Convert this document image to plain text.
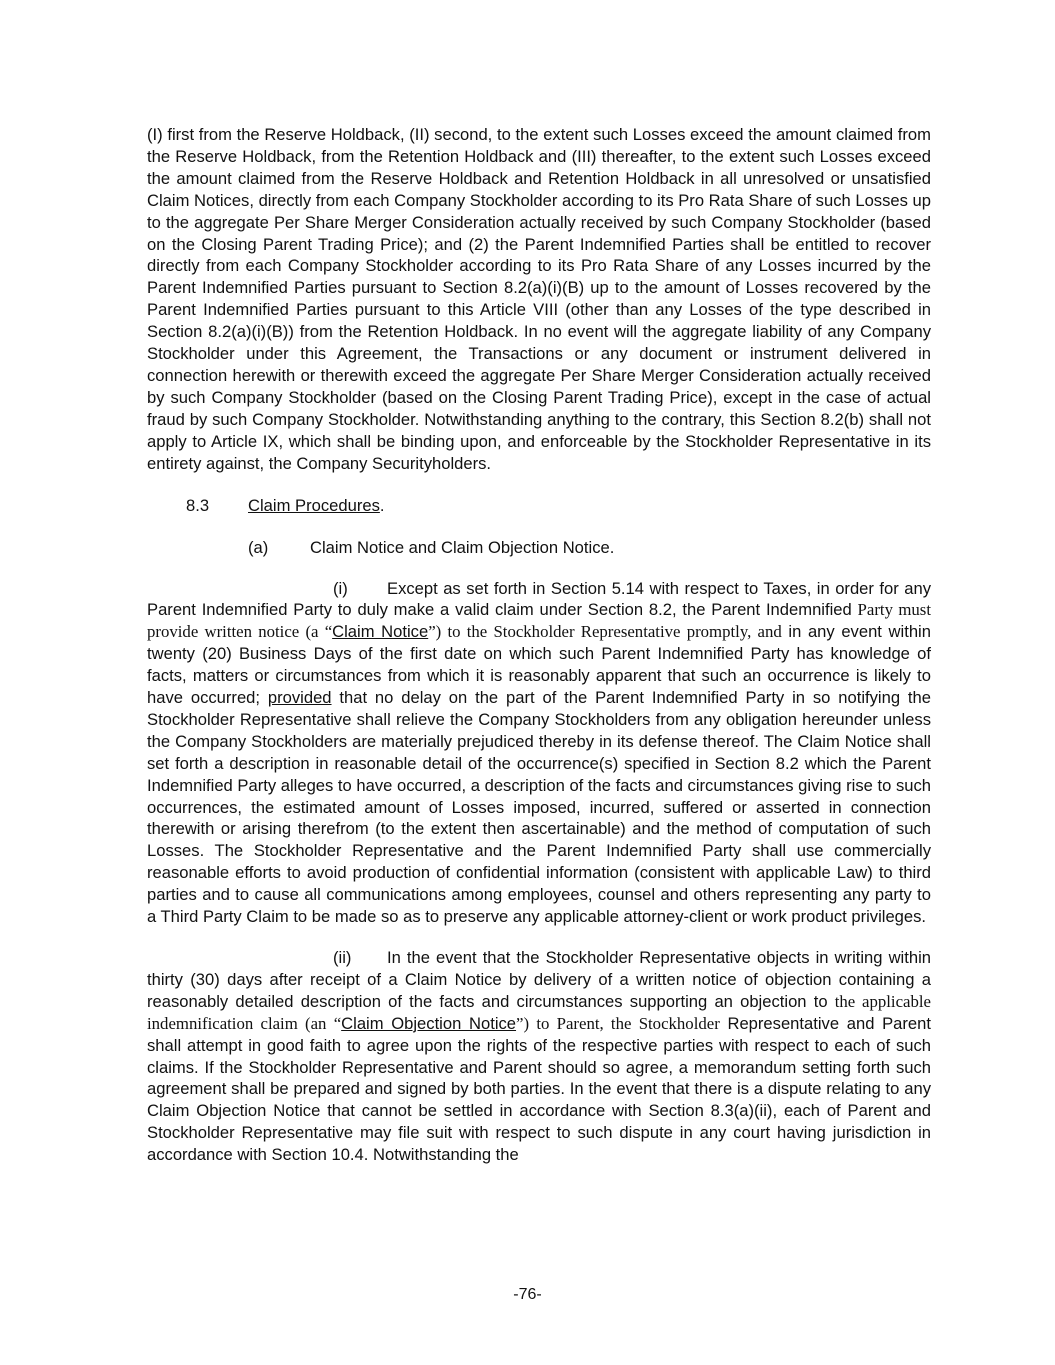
(I) first from the Reserve Holdback, (II) second, to the extent such Losses exceed the amount claimed from the Reserve Holdback, from the Retention Holdback and (III) thereafter, to the extent such Losses exceed the amount claimed from the Reserve Holdback and Retention Holdback in all unresolved or unsatisfied Claim Notices, directly from each Company Stockholder according to its Pro Rata Share of such Losses up to the aggregate Per Share Merger Consideration actually received by such Company Stockholder (based on the Closing Parent Trading Price); and (2) the Parent Indemnified Parties shall be entitled to recover directly from each Company Stockholder according to its Pro Rata Share of any Losses incurred by the Parent Indemnified Parties pursuant to Section 8.2(a)(i)(B) up to the amount of Losses recovered by the Parent Indemnified Parties pursuant to this Article VIII (other than any Losses of the type described in Section 8.2(a)(i)(B)) from the Retention Holdback. In no event will the aggregate liability of any Company Stockholder under this Agreement, the Transactions or any document or instrument delivered in connection herewith or therewith exceed the aggregate Per Share Merger Consideration actually received by such Company Stockholder (based on the Closing Parent Trading Price), except in the case of actual fraud by such Company Stockholder. Notwithstanding anything to the contrary, this Section 8.2(b) shall not apply to Article IX, which shall be binding upon, and enforceable by the Stockholder Representative in its entirety against, the Company Securityholders.

8.3 Claim Procedures.
(a)	Claim Notice and Claim Objection Notice.

(i) Except as set forth in Section 5.14 with respect to Taxes, in order for any Parent Indemnified Party to duly make a valid claim under Section 8.2, the Parent Indemnified Party must provide written notice (a “Claim Notice”) to the Stockholder Representative promptly, and in any event within twenty (20) Business Days of the first date on which such Parent Indemnified Party has knowledge of facts, matters or circumstances from which it is reasonably apparent that such an occurrence is likely to have occurred; provided that no delay on the part of the Parent Indemnified Party in so notifying the Stockholder Representative shall relieve the Company Stockholders from any obligation hereunder unless the Company Stockholders are materially prejudiced thereby in its defense thereof. The Claim Notice shall set forth a description in reasonable detail of the occurrence(s) specified in Section 8.2 which the Parent Indemnified Party alleges to have occurred, a description of the facts and circumstances giving rise to such occurrences, the estimated amount of Losses imposed, incurred, suffered or asserted in connection therewith or arising therefrom (to the extent then ascertainable) and the method of computation of such Losses. The Stockholder Representative and the Parent Indemnified Party shall use commercially reasonable efforts to avoid production of confidential information (consistent with applicable Law) to third parties and to cause all communications among employees, counsel and others representing any party to a Third Party Claim to be made so as to preserve any applicable attorney-client or work product privileges.

(ii) In the event that the Stockholder Representative objects in writing within thirty (30) days after receipt of a Claim Notice by delivery of a written notice of objection containing a reasonably detailed description of the facts and circumstances supporting an objection to the applicable indemnification claim (an “Claim Objection Notice”) to Parent, the Stockholder Representative and Parent shall attempt in good faith to agree upon the rights of the respective parties with respect to each of such claims. If the Stockholder Representative and Parent should so agree, a memorandum setting forth such agreement shall be prepared and signed by both parties. In the event that there is a dispute relating to any Claim Objection Notice that cannot be settled in accordance with Section 8.3(a)(ii), each of Parent and Stockholder Representative may file suit with respect to such dispute in any court having jurisdiction in accordance with Section 10.4. Notwithstanding the

-76-
